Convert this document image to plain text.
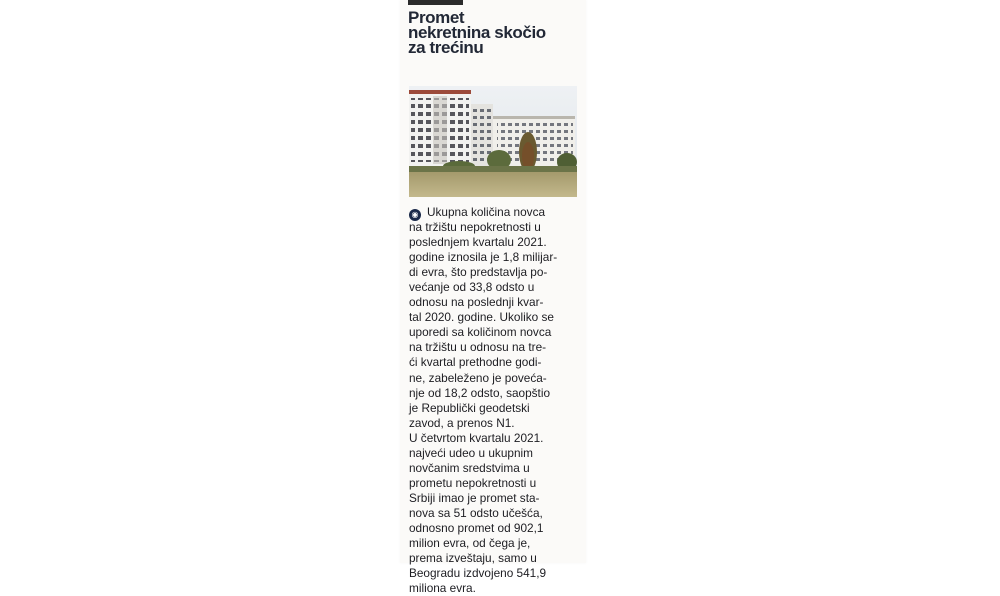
Promet
nekretnina skočio
za trećinu
◉ Ukupna količina novca
na tržištu nepokretnosti u
poslednjem kvartalu 2021.
godine iznosila je 1,8 milijar-
di evra, što predstavlja po-
većanje od 33,8 odsto u
odnosu na poslednji kvar-
tal 2020. godine. Ukoliko se
uporedi sa količinom novca
na tržištu u odnosu na tre-
ći kvartal prethodne godi-
ne, zabeleženo je poveća-
nje od 18,2 odsto, saopštio
je Republički geodetski
zavod, a prenos N1.
U četvrtom kvartalu 2021.
najveći udeo u ukupnim
novčanim sredstvima u
prometu nepokretnosti u
Srbiji imao je promet sta-
nova sa 51 odsto učešća,
odnosno promet od 902,1
milion evra, od čega je,
prema izveštaju, samo u
Beogradu izdvojeno 541,9
miliona evra.
